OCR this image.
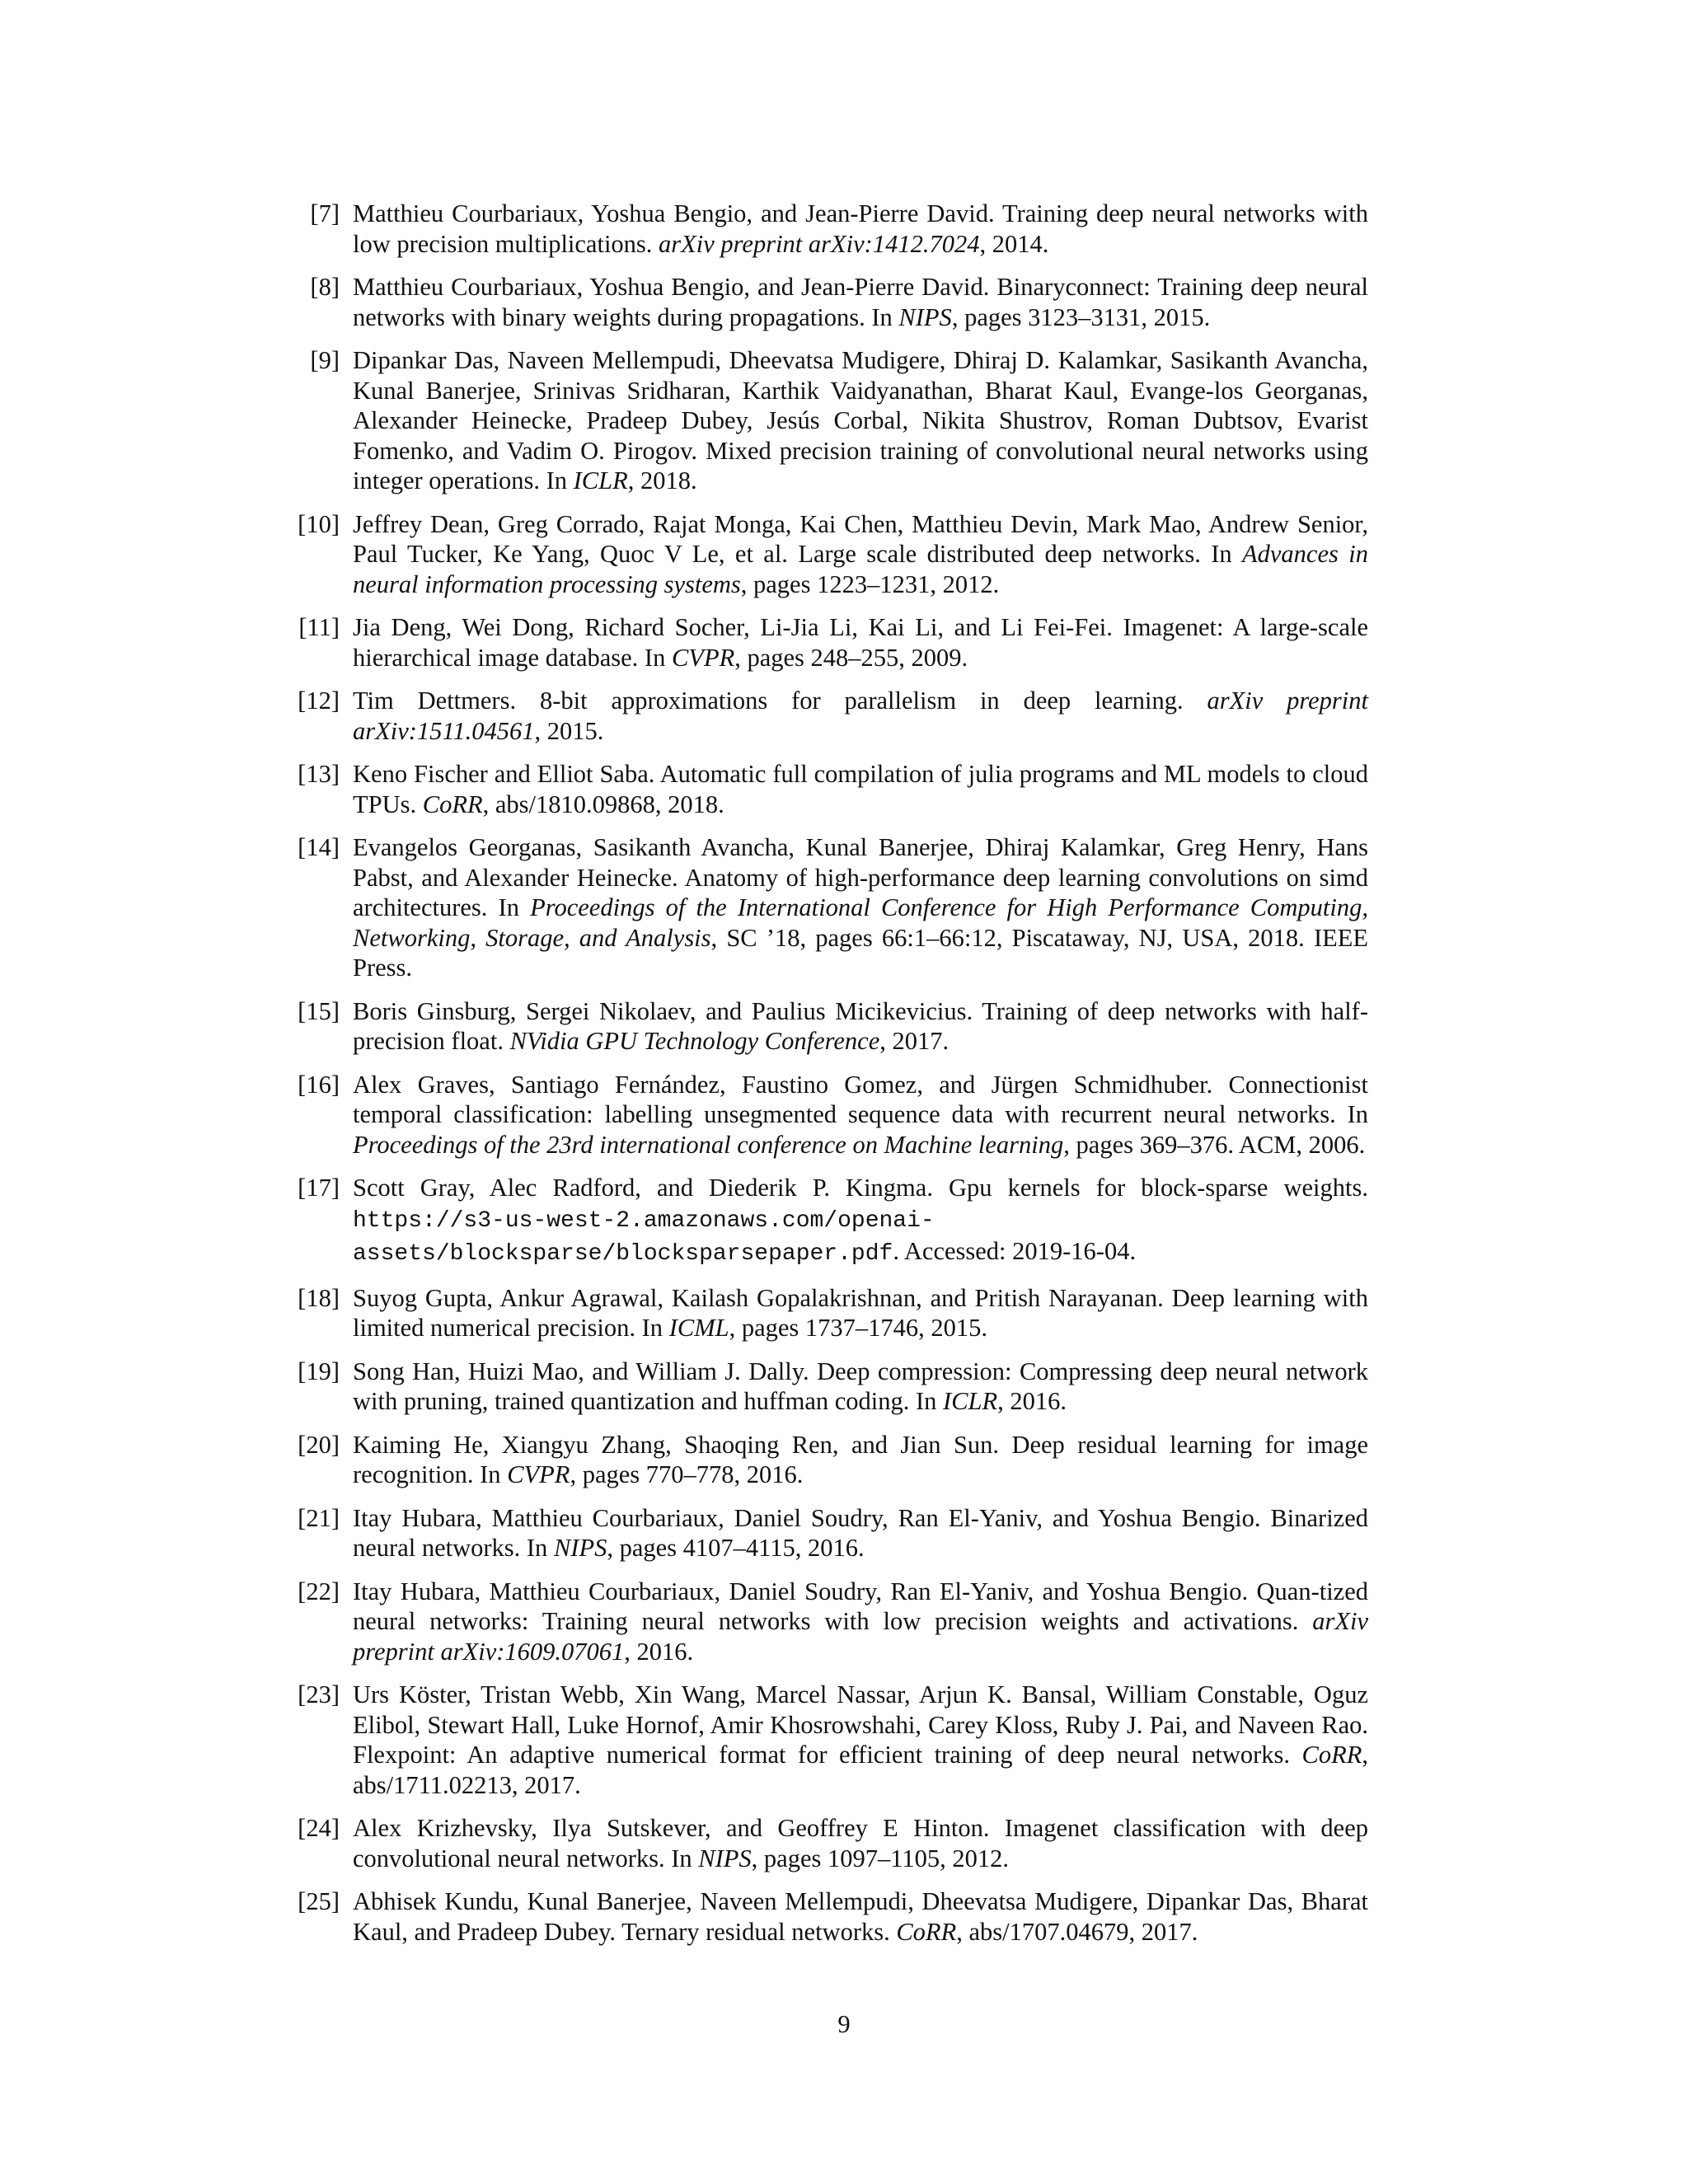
[7] Matthieu Courbariaux, Yoshua Bengio, and Jean-Pierre David. Training deep neural networks with low precision multiplications. arXiv preprint arXiv:1412.7024, 2014.
[8] Matthieu Courbariaux, Yoshua Bengio, and Jean-Pierre David. Binaryconnect: Training deep neural networks with binary weights during propagations. In NIPS, pages 3123–3131, 2015.
[9] Dipankar Das, Naveen Mellempudi, Dheevatsa Mudigere, Dhiraj D. Kalamkar, Sasikanth Avancha, Kunal Banerjee, Srinivas Sridharan, Karthik Vaidyanathan, Bharat Kaul, Evange-los Georganas, Alexander Heinecke, Pradeep Dubey, Jesús Corbal, Nikita Shustrov, Roman Dubtsov, Evarist Fomenko, and Vadim O. Pirogov. Mixed precision training of convolutional neural networks using integer operations. In ICLR, 2018.
[10] Jeffrey Dean, Greg Corrado, Rajat Monga, Kai Chen, Matthieu Devin, Mark Mao, Andrew Senior, Paul Tucker, Ke Yang, Quoc V Le, et al. Large scale distributed deep networks. In Advances in neural information processing systems, pages 1223–1231, 2012.
[11] Jia Deng, Wei Dong, Richard Socher, Li-Jia Li, Kai Li, and Li Fei-Fei. Imagenet: A large-scale hierarchical image database. In CVPR, pages 248–255, 2009.
[12] Tim Dettmers. 8-bit approximations for parallelism in deep learning. arXiv preprint arXiv:1511.04561, 2015.
[13] Keno Fischer and Elliot Saba. Automatic full compilation of julia programs and ML models to cloud TPUs. CoRR, abs/1810.09868, 2018.
[14] Evangelos Georganas, Sasikanth Avancha, Kunal Banerjee, Dhiraj Kalamkar, Greg Henry, Hans Pabst, and Alexander Heinecke. Anatomy of high-performance deep learning convolutions on simd architectures. In Proceedings of the International Conference for High Performance Computing, Networking, Storage, and Analysis, SC ’18, pages 66:1–66:12, Piscataway, NJ, USA, 2018. IEEE Press.
[15] Boris Ginsburg, Sergei Nikolaev, and Paulius Micikevicius. Training of deep networks with half-precision float. NVidia GPU Technology Conference, 2017.
[16] Alex Graves, Santiago Fernández, Faustino Gomez, and Jürgen Schmidhuber. Connectionist temporal classification: labelling unsegmented sequence data with recurrent neural networks. In Proceedings of the 23rd international conference on Machine learning, pages 369–376. ACM, 2006.
[17] Scott Gray, Alec Radford, and Diederik P. Kingma. Gpu kernels for block-sparse weights. https://s3-us-west-2.amazonaws.com/openai-assets/blocksparse/blocksparsepaper.pdf. Accessed: 2019-16-04.
[18] Suyog Gupta, Ankur Agrawal, Kailash Gopalakrishnan, and Pritish Narayanan. Deep learning with limited numerical precision. In ICML, pages 1737–1746, 2015.
[19] Song Han, Huizi Mao, and William J. Dally. Deep compression: Compressing deep neural network with pruning, trained quantization and huffman coding. In ICLR, 2016.
[20] Kaiming He, Xiangyu Zhang, Shaoqing Ren, and Jian Sun. Deep residual learning for image recognition. In CVPR, pages 770–778, 2016.
[21] Itay Hubara, Matthieu Courbariaux, Daniel Soudry, Ran El-Yaniv, and Yoshua Bengio. Binarized neural networks. In NIPS, pages 4107–4115, 2016.
[22] Itay Hubara, Matthieu Courbariaux, Daniel Soudry, Ran El-Yaniv, and Yoshua Bengio. Quan-tized neural networks: Training neural networks with low precision weights and activations. arXiv preprint arXiv:1609.07061, 2016.
[23] Urs Köster, Tristan Webb, Xin Wang, Marcel Nassar, Arjun K. Bansal, William Constable, Oguz Elibol, Stewart Hall, Luke Hornof, Amir Khosrowshahi, Carey Kloss, Ruby J. Pai, and Naveen Rao. Flexpoint: An adaptive numerical format for efficient training of deep neural networks. CoRR, abs/1711.02213, 2017.
[24] Alex Krizhevsky, Ilya Sutskever, and Geoffrey E Hinton. Imagenet classification with deep convolutional neural networks. In NIPS, pages 1097–1105, 2012.
[25] Abhisek Kundu, Kunal Banerjee, Naveen Mellempudi, Dheevatsa Mudigere, Dipankar Das, Bharat Kaul, and Pradeep Dubey. Ternary residual networks. CoRR, abs/1707.04679, 2017.
9
